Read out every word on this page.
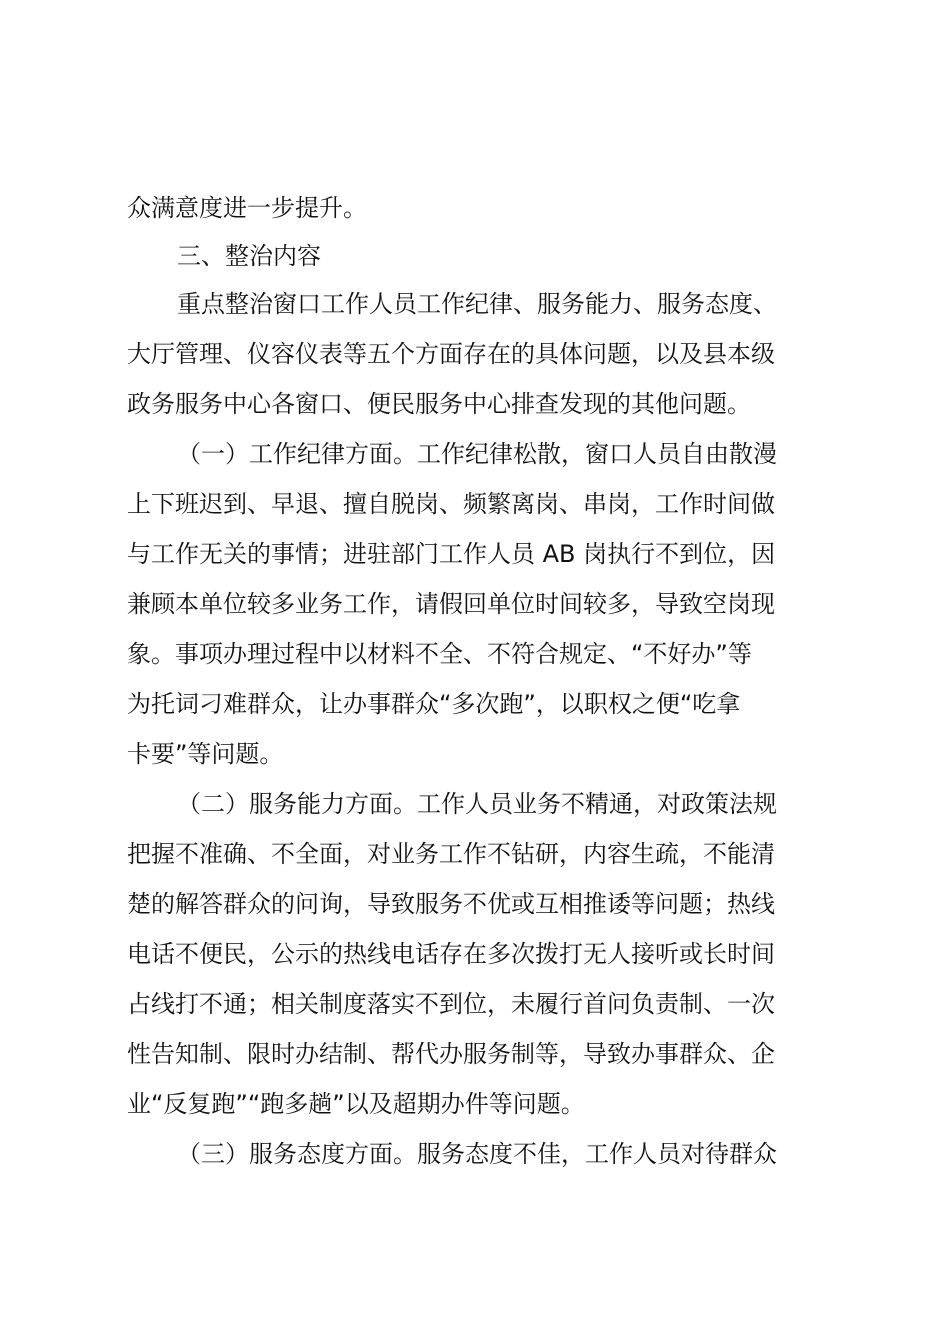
众满意度进一步提升。
三、整治内容
重点整治窗口工作人员工作纪律、服务能力、服务态度、
大厅管理、仪容仪表等五个方面存在的具体问题，以及县本级
政务服务中心各窗口、便民服务中心排查发现的其他问题。
（一）工作纪律方面。工作纪律松散，窗口人员自由散漫
上下班迟到、早退、擅自脱岗、频繁离岗、串岗，工作时间做
与工作无关的事情；进驻部门工作人员 AB 岗执行不到位，因
兼顾本单位较多业务工作，请假回单位时间较多，导致空岗现
象。事项办理过程中以材料不全、不符合规定、“不好办”等
为托词刁难群众，让办事群众“多次跑”，以职权之便“吃拿
卡要”等问题。
（二）服务能力方面。工作人员业务不精通，对政策法规
把握不准确、不全面，对业务工作不钻研，内容生疏，不能清
楚的解答群众的问询，导致服务不优或互相推诿等问题；热线
电话不便民，公示的热线电话存在多次拨打无人接听或长时间
占线打不通；相关制度落实不到位，未履行首问负责制、一次
性告知制、限时办结制、帮代办服务制等，导致办事群众、企
业“反复跑”“跑多趟”以及超期办件等问题。
（三）服务态度方面。服务态度不佳，工作人员对待群众
